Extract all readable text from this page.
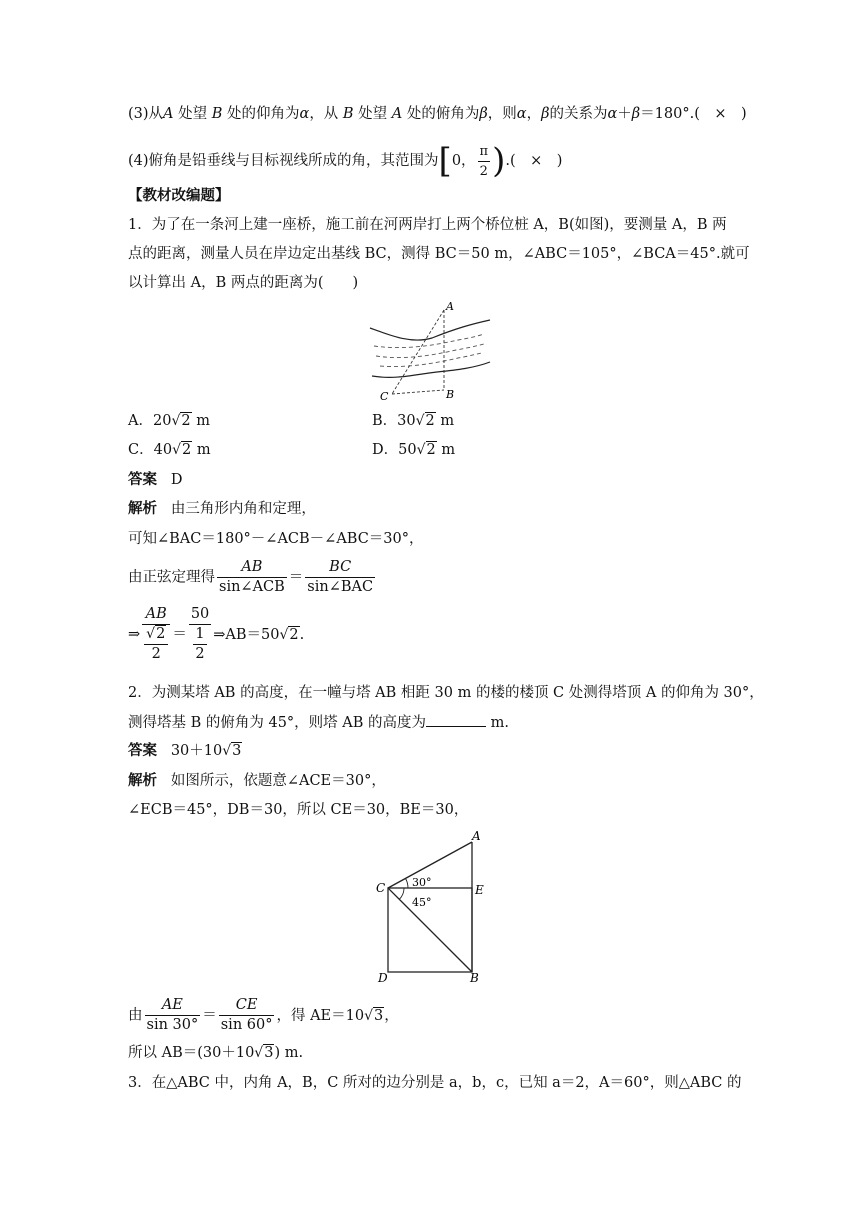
(3)从A 处望 B 处的仰角为α，从 B 处望 A 处的俯角为β，则α，β的关系为α＋β＝180°.(　×　)
(4)俯角是铅垂线与目标视线所成的角，其范围为[0， $\frac{\pi}{2}$ ).(　×　)
【教材改编题】
1．为了在一条河上建一座桥，施工前在河两岸打上两个桥位桩 A，B(如图)，要测量 A，B 两
点的距离，测量人员在岸边定出基线 BC，测得 BC＝50 m，∠ABC＝105°，∠BCA＝45°.就可
以计算出 A，B 两点的距离为(　　)
A
B
C
A．20√2 m	B．30√2 m
C．40√2 m	D．50√2 m
答案 D
解析 由三角形内角和定理，
可知∠BAC＝180°－∠ACB－∠ABC＝30°，
由正弦定理得 $\frac{AB}{\text{sin∠ACB}} = \frac{BC}{\text{sin∠BAC}}$
⇒ $\frac{AB}{\frac{√2}{2}} = \frac{50}{\frac{1}{2}}$ ⇒AB＝50√2.
2．为测某塔 AB 的高度，在一幢与塔 AB 相距 30 m 的楼的楼顶 C 处测得塔顶 A 的仰角为 30°，
测得塔基 B 的俯角为 45°，则塔 AB 的高度为	m.
答案 30＋10√3
解析 如图所示，依题意∠ACE＝30°，
∠ECB＝45°，DB＝30，所以 CE＝30，BE＝30，
A
B
C
D
E
30°
45°
由 $\frac{AE}{\sin 30^\circ} = \frac{CE}{\sin 60^\circ}$ ，得 AE＝10√3，
所以 AB＝(30＋10√3) m.
3．在△ABC 中，内角 A，B，C 所对的边分别是 a，b，c，已知 a＝2，A＝60°，则△ABC 的
